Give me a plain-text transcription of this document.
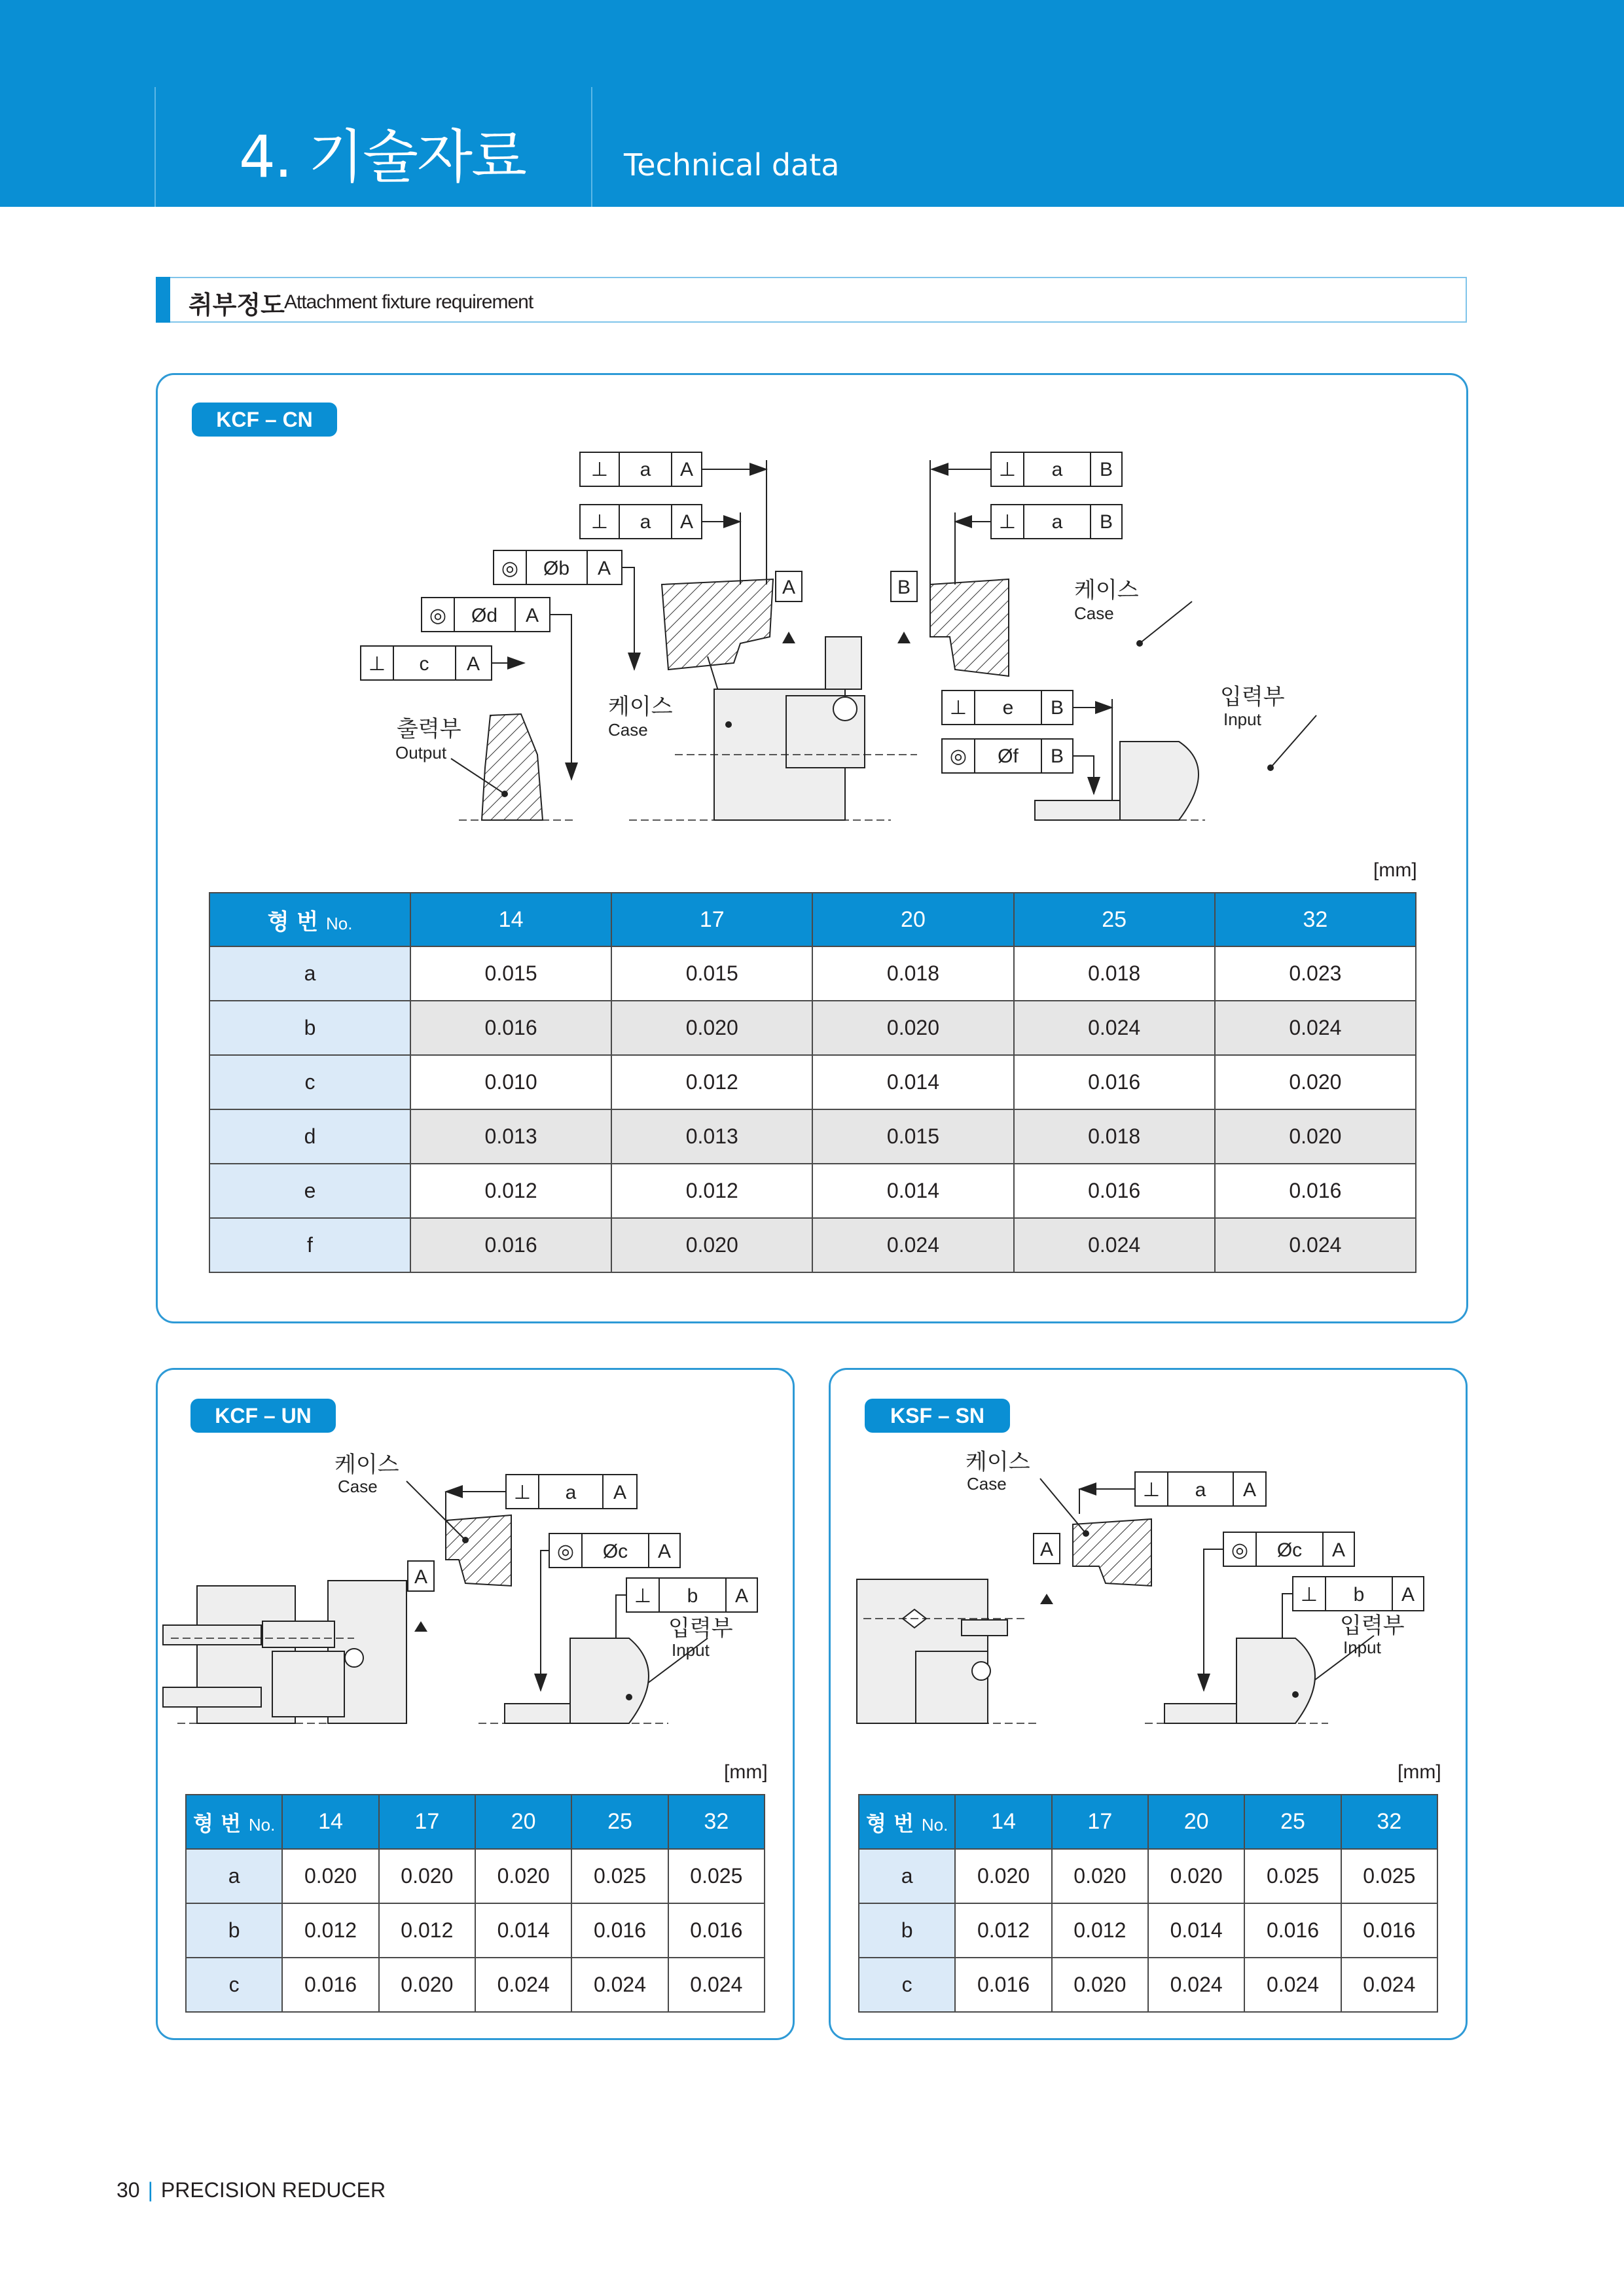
4. 기술자료	Technical data
취부정도 Attachment fixture requirement
KCF – CN
⊥ a A
⊥ a A
◎ Øb A
◎ Ød A
⊥ c A
⊥ a B
⊥ a B
⊥ e B
◎ Øf B
A	B	케이스
Case
케이스
Case
입력부
Input
출력부
Output
[mm]
형 번 No.	14	17	20	25	32
a	0.015	0.015	0.018	0.018	0.023
b	0.016	0.020	0.020	0.024	0.024
c	0.010	0.012	0.014	0.016	0.020
d	0.013	0.013	0.015	0.018	0.020
e	0.012	0.012	0.014	0.016	0.016
f	0.016	0.020	0.024	0.024	0.024
KCF – UN
⊥ a A
◎ Øc A
⊥ b A
A
케이스
Case
입력부
Input
[mm]
형 번 No.	14	17	20	25	32
a	0.020	0.020	0.020	0.025	0.025
b	0.012	0.012	0.014	0.016	0.016
c	0.016	0.020	0.024	0.024	0.024
KSF – SN
⊥ a A
◎ Øc A
⊥ b A
A
케이스
Case
입력부
Input
[mm]
형 번 No.	14	17	20	25	32
a	0.020	0.020	0.020	0.025	0.025
b	0.012	0.012	0.014	0.016	0.016
c	0.016	0.020	0.024	0.024	0.024
30 | PRECISION REDUCER
